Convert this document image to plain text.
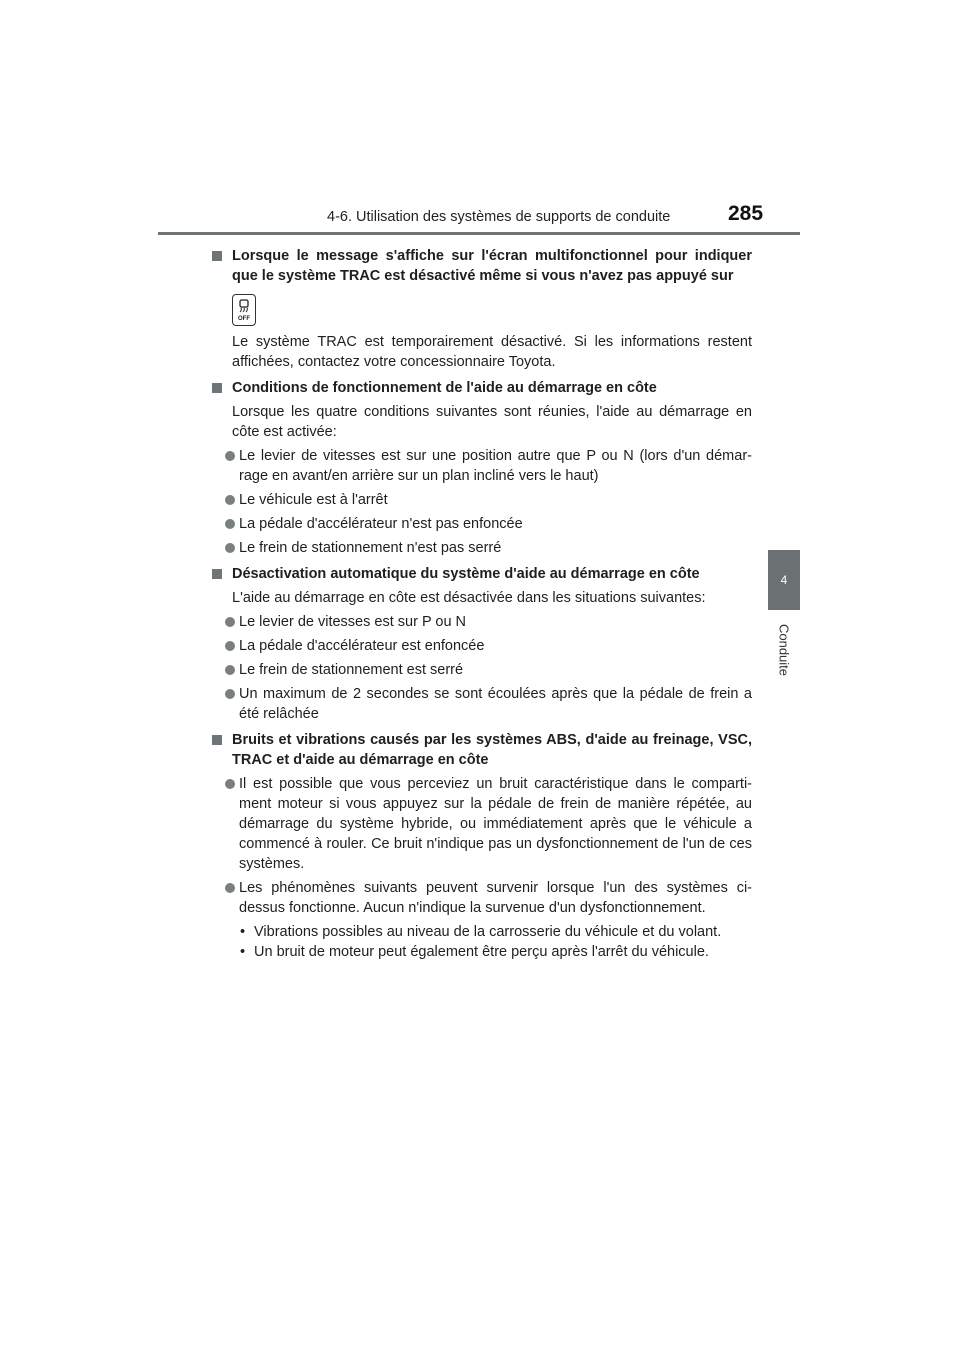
4-6. Utilisation des systèmes de supports de conduite	285
4
Conduite
Lorsque le message s'affiche sur l'écran multifonctionnel pour indiquer que le système TRAC est désactivé même si vous n'avez pas appuyé sur
OFF
Le système TRAC est temporairement désactivé. Si les informations restent affichées, contactez votre concessionnaire Toyota.
Conditions de fonctionnement de l'aide au démarrage en côte
Lorsque les quatre conditions suivantes sont réunies, l'aide au démarrage en côte est activée:
Le levier de vitesses est sur une position autre que P ou N (lors d'un démar-rage en avant/en arrière sur un plan incliné vers le haut)
Le véhicule est à l'arrêt
La pédale d'accélérateur n'est pas enfoncée
Le frein de stationnement n'est pas serré
Désactivation automatique du système d'aide au démarrage en côte
L'aide au démarrage en côte est désactivée dans les situations suivantes:
Le levier de vitesses est sur P ou N
La pédale d'accélérateur est enfoncée
Le frein de stationnement est serré
Un maximum de 2 secondes se sont écoulées après que la pédale de frein a été relâchée
Bruits et vibrations causés par les systèmes ABS, d'aide au freinage, VSC, TRAC et d'aide au démarrage en côte
Il est possible que vous perceviez un bruit caractéristique dans le comparti-ment moteur si vous appuyez sur la pédale de frein de manière répétée, au démarrage du système hybride, ou immédiatement après que le véhicule a commencé à rouler. Ce bruit n'indique pas un dysfonctionnement de l'un de ces systèmes.
Les phénomènes suivants peuvent survenir lorsque l'un des systèmes ci-dessus fonctionne. Aucun n'indique la survenue d'un dysfonctionnement.
• Vibrations possibles au niveau de la carrosserie du véhicule et du volant.
• Un bruit de moteur peut également être perçu après l'arrêt du véhicule.
